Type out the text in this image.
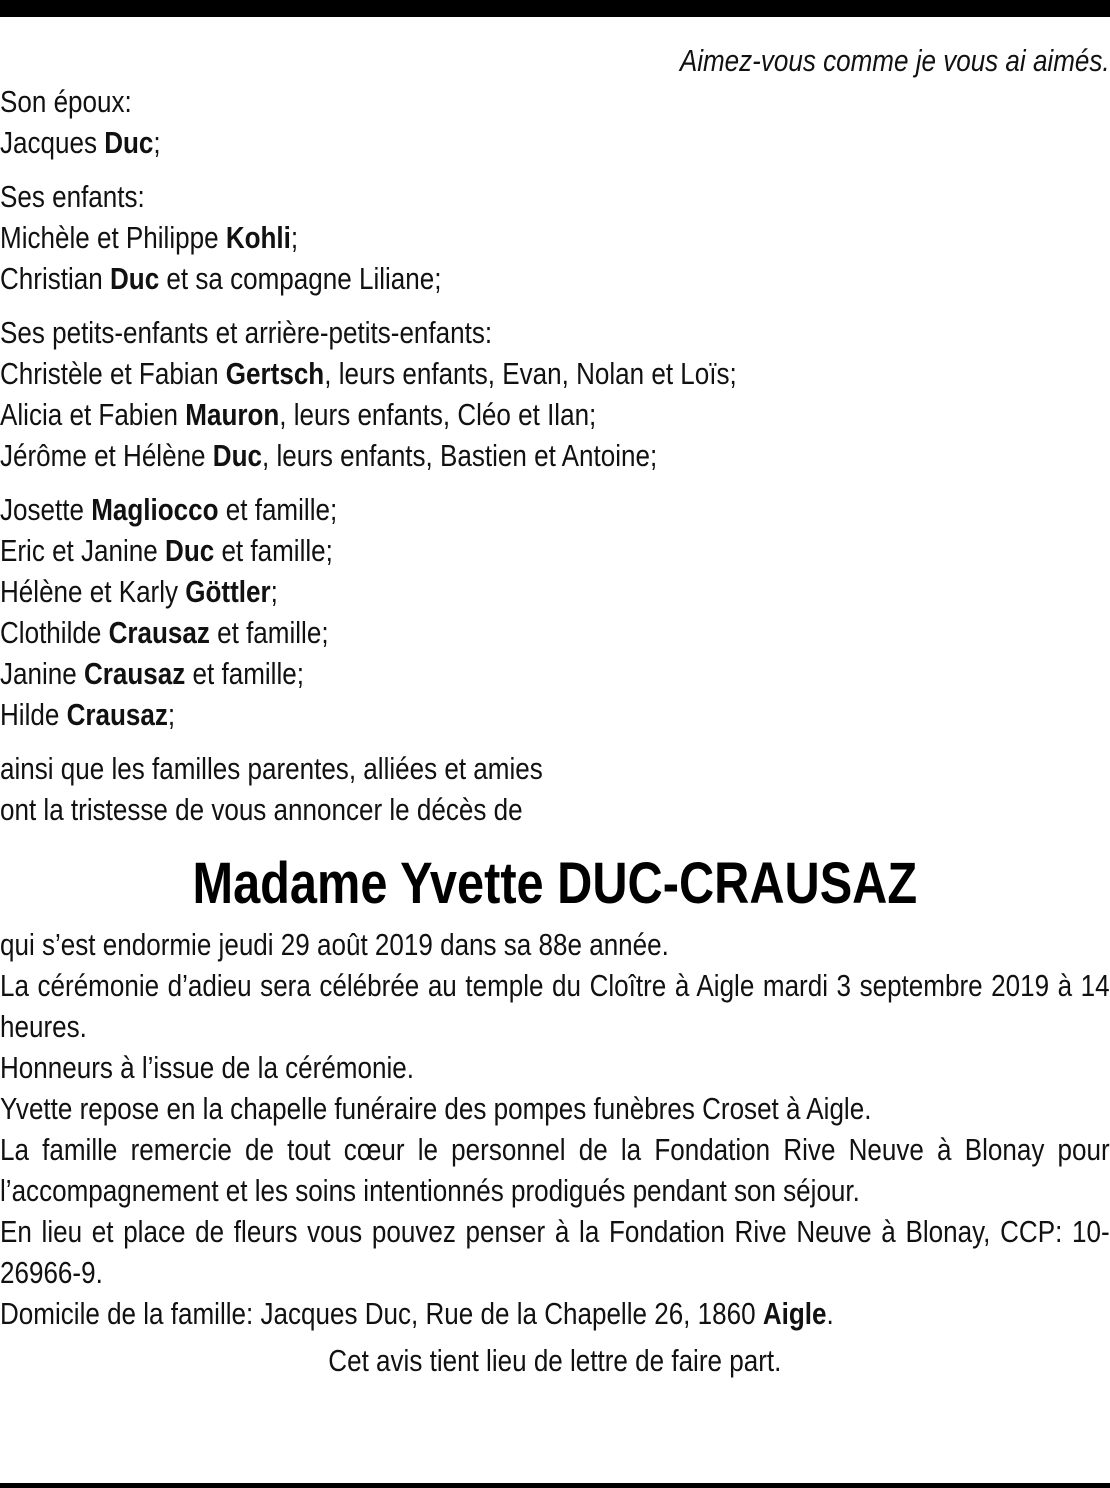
Aimez-vous comme je vous ai aimés.
Son époux:
Jacques Duc;
Ses enfants:
Michèle et Philippe Kohli;
Christian Duc et sa compagne Liliane;
Ses petits-enfants et arrière-petits-enfants:
Christèle et Fabian Gertsch, leurs enfants, Evan, Nolan et Loïs;
Alicia et Fabien Mauron, leurs enfants, Cléo et Ilan;
Jérôme et Hélène Duc, leurs enfants, Bastien et Antoine;
Josette Magliocco et famille;
Eric et Janine Duc et famille;
Hélène et Karly Göttler;
Clothilde Crausaz et famille;
Janine Crausaz et famille;
Hilde Crausaz;
ainsi que les familles parentes, alliées et amies
ont la tristesse de vous annoncer le décès de
Madame Yvette DUC-CRAUSAZ
qui s’est endormie jeudi 29 août 2019 dans sa 88e année.
La cérémonie d’adieu sera célébrée au temple du Cloître à Aigle mardi 3 septembre 2019 à 14 heures.
Honneurs à l’issue de la cérémonie.
Yvette repose en la chapelle funéraire des pompes funèbres Croset à Aigle.
La famille remercie de tout cœur le personnel de la Fondation Rive Neuve à Blonay pour l’accompagnement et les soins intentionnés prodigués pendant son séjour.
En lieu et place de fleurs vous pouvez penser à la Fondation Rive Neuve à Blonay, CCP: 10-26966-9.
Domicile de la famille: Jacques Duc, Rue de la Chapelle 26, 1860 Aigle.
Cet avis tient lieu de lettre de faire part.
